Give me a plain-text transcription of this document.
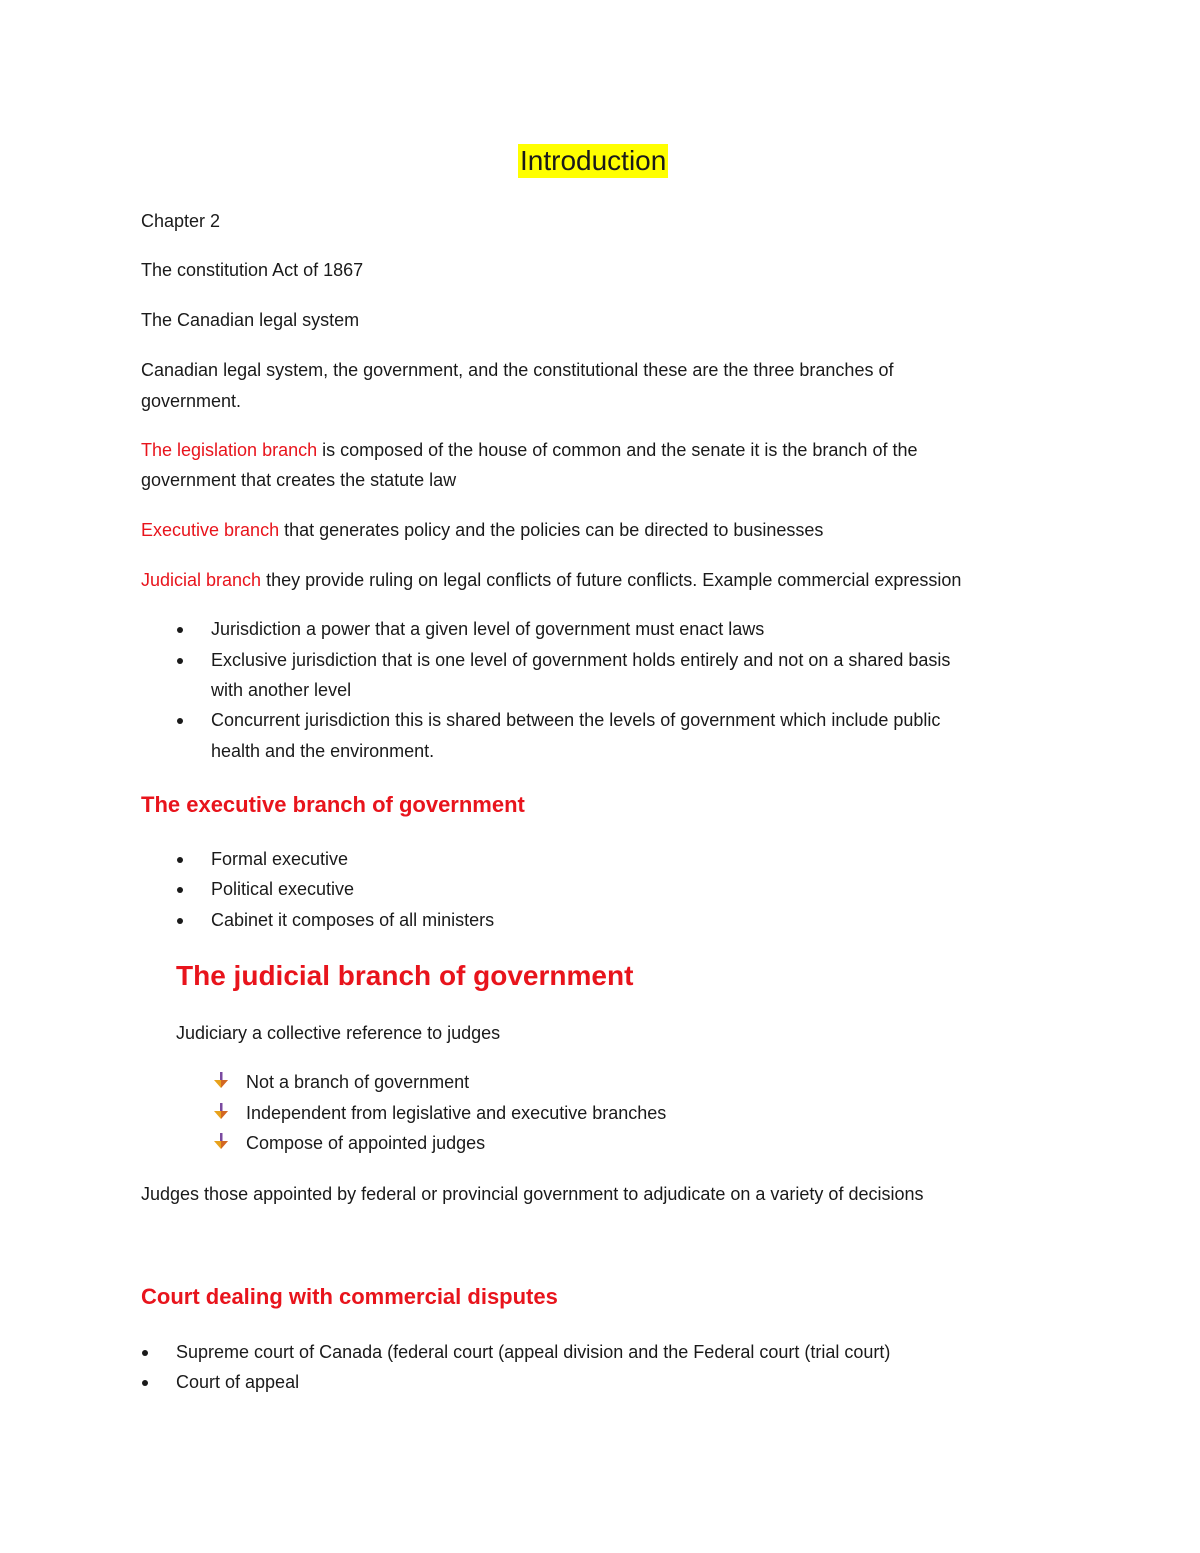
Introduction
Chapter 2
The constitution Act of 1867
The Canadian legal system
Canadian legal system, the government, and the constitutional these are the three branches of
government.
The legislation branch is composed of the house of common and the senate it is the branch of the
government that creates the statute law
Executive branch that generates policy and the policies can be directed to businesses
Judicial branch they provide ruling on legal conflicts of future conflicts. Example commercial expression
Jurisdiction a power that a given level of government must enact laws
Exclusive jurisdiction that is one level of government holds entirely and not on a shared basis
with another level
Concurrent jurisdiction this is shared between the levels of government which include public
health and the environment.
The executive branch of government
Formal executive
Political executive
Cabinet it composes of all ministers
The judicial branch of government
Judiciary a collective reference to judges
Not a branch of government
Independent from legislative and executive branches
Compose of appointed judges
Judges those appointed by federal or provincial government to adjudicate on a variety of decisions
Court dealing with commercial disputes
Supreme court of Canada (federal court (appeal division and the Federal court (trial court)
Court of appeal
